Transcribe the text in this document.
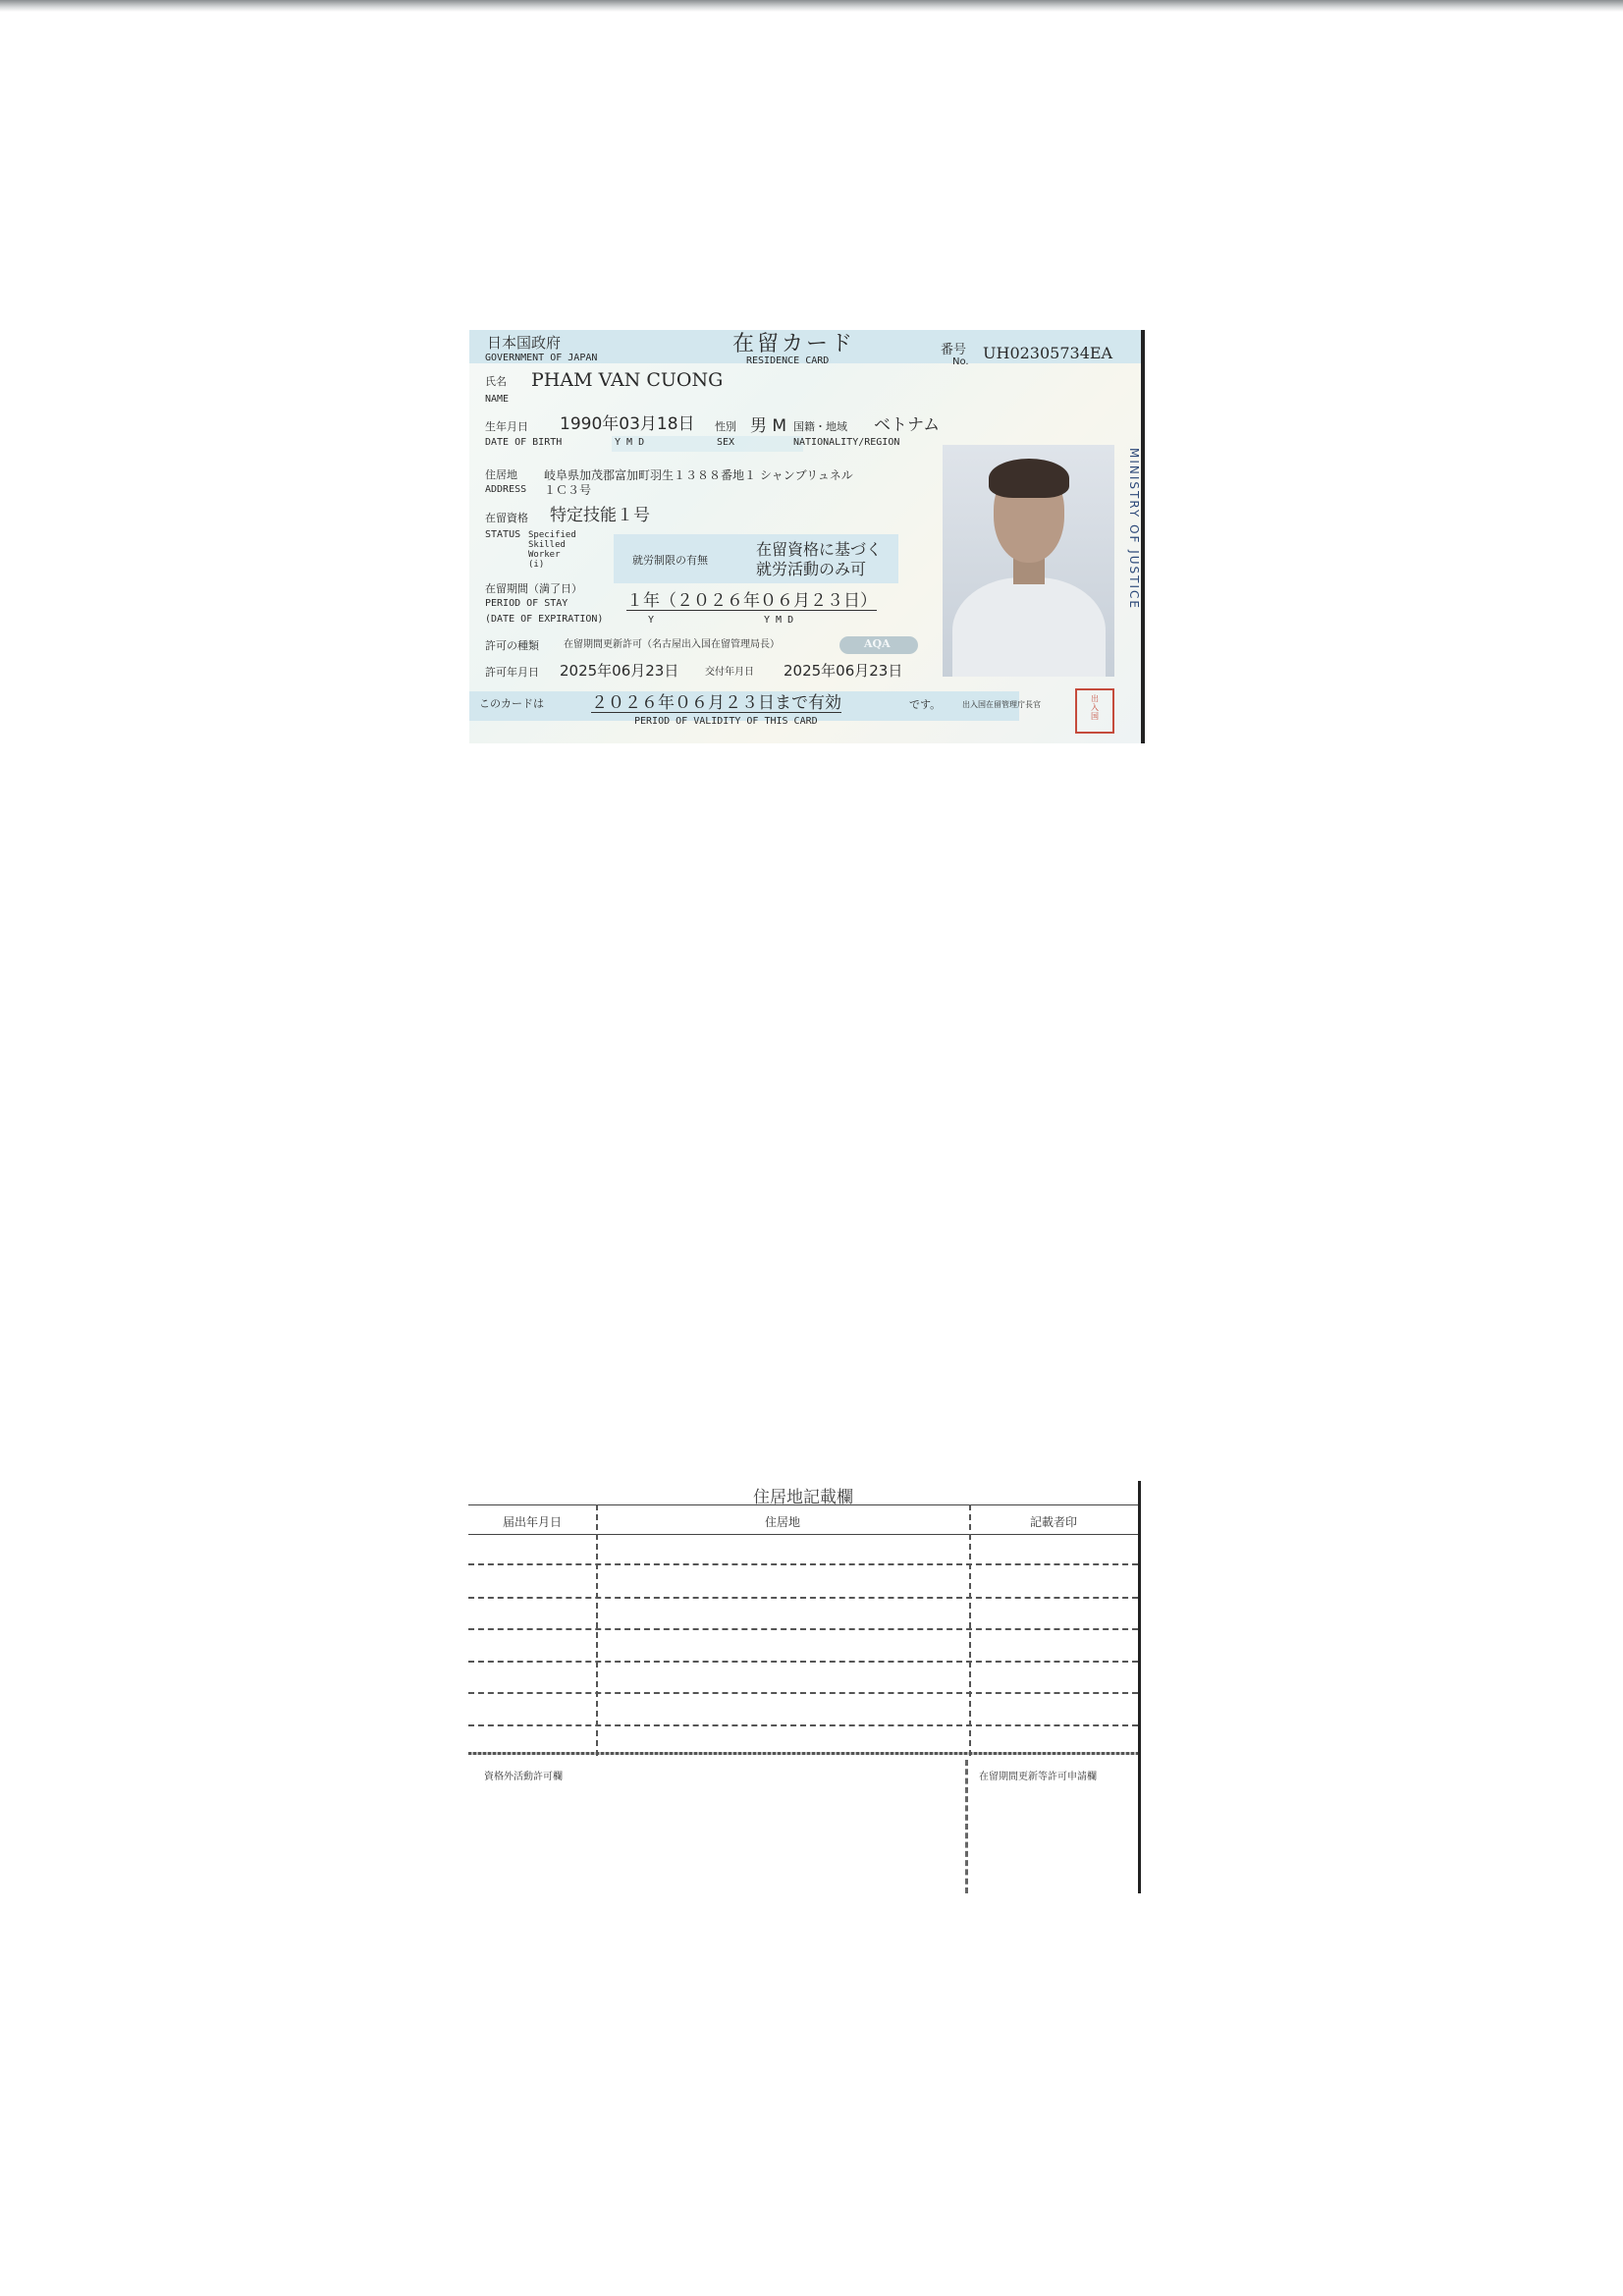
日本国政府
GOVERNMENT OF JAPAN
在留カード
RESIDENCE CARD
番号
No. UH02305734EA
氏名
NAME
PHAM VAN CUONG
生年月日
DATE OF BIRTH
1990年03月18日
Y M D
性別
SEX
男 M 国籍・地域
NATIONALITY/REGION
ベトナム
住居地
ADDRESS
岐阜県加茂郡富加町羽生１３８８番地１ シャンブリュネル
１Ｃ３号
在留資格
STATUS
特定技能１号
Specified
Skilled
Worker
(i)	就労制限の有無
在留資格に基づく
就労活動のみ可
在留期間（満了日）
PERIOD OF STAY
(DATE OF EXPIRATION)
１年（２０２６年０６月２３日）
Y	Y M D
許可の種類	在留期間更新許可（名古屋出入国在留管理局長）	AQA
許可年月日 2025年06月23日	交付年月日 2025年06月23日
このカードは	２０２６年０６月２３日まで有効	です。
PERIOD OF VALIDITY OF THIS CARD
出入国在留管理庁長官
MINISTRY OF JUSTICE
出
入
国
住居地記載欄
届出年月日	住居地	記載者印
資格外活動許可欄	在留期間更新等許可申請欄
